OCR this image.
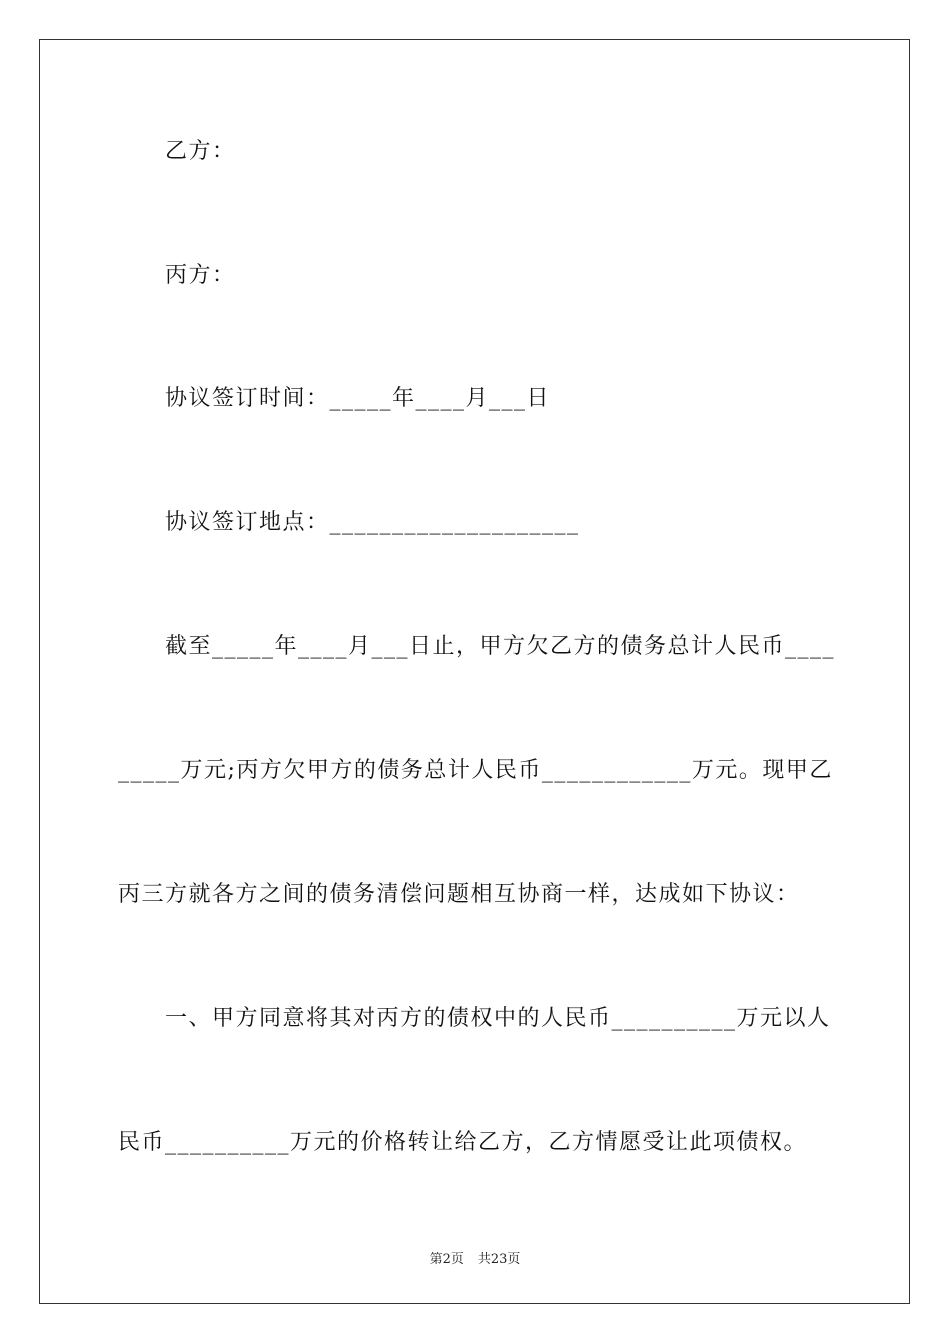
乙方：
丙方：
协议签订时间：_____年____月___日
协议签订地点：____________________
截至_____年____月___日止，甲方欠乙方的债务总计人民币____
_____万元;丙方欠甲方的债务总计人民币____________万元。现甲乙
丙三方就各方之间的债务清偿问题相互协商一样，达成如下协议：
一、甲方同意将其对丙方的债权中的人民币__________万元以人
民币__________万元的价格转让给乙方，乙方情愿受让此项债权。
第2页 共23页
